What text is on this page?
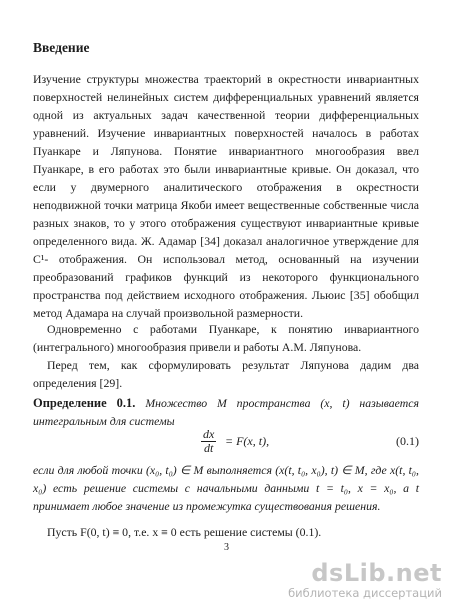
Введение

Изучение структуры множества траекторий в окрестности инвариантных поверхностей нелинейных систем дифференциальных уравнений является одной из актуальных задач качественной теории дифференциальных уравнений. Изучение инвариантных поверхностей началось в работах Пуанкаре и Ляпунова. Понятие инвариантного многообразия ввел Пуанкаре, в его работах это были инвариантные кривые. Он доказал, что если у двумерного аналитического отображения в окрестности неподвижной точки матрица Якоби имеет вещественные собственные числа разных знаков, то у этого отображения существуют инвариантные кривые определенного вида. Ж. Адамар [34] доказал аналогичное утверждение для C¹- отображения. Он использовал метод, основанный на изучении преобразований графиков функций из некоторого функционального пространства под действием исходного отображения. Льюис [35] обобщил метод Адамара на случай произвольной размерности.

Одновременно с работами Пуанкаре, к понятию инвариантного (интегрального) многообразия привели и работы А.М. Ляпунова.

Перед тем, как сформулировать результат Ляпунова дадим два определения [29].

Определение 0.1. Множество M пространства (x, t) называется интегральным для системы

$\frac{dx}{dt} = F(x$, t),	(0.1)

если для любой точки (x₀, t₀) ∈ M выполняется (x(t, t₀, x₀), t) ∈ M, где x(t, t₀, x₀) есть решение системы с начальными данными t = t₀, x = x₀, а t принимает любое значение из промежутка существования решения.

Пусть F(0, t) ≡ 0, т.е. x ≡ 0 есть решение системы (0.1).

3

dsLib.net
библиотека диссертаций
